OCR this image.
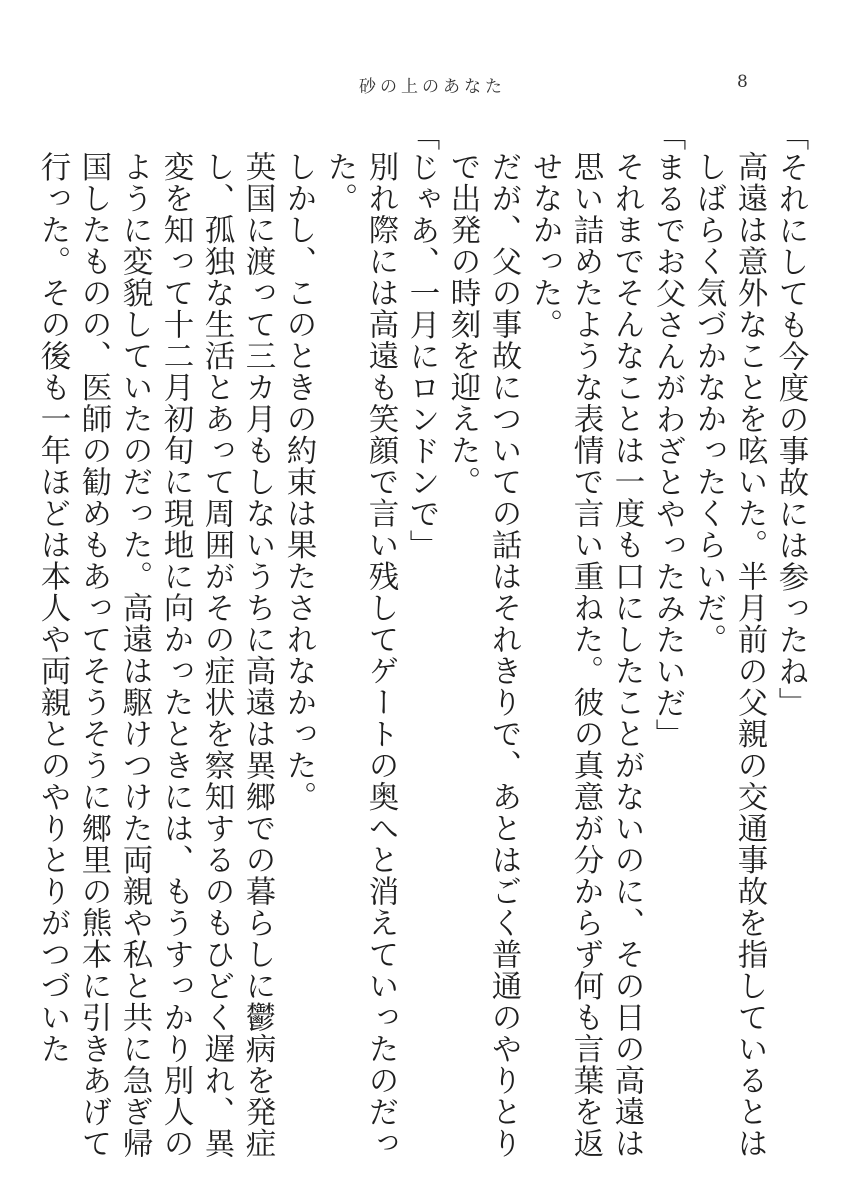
砂の上のあなた	8

「それにしても今度の事故には参ったね」

高遠は意外なことを呟いた。半月前の父親の交通事故を指しているとはしばらく気づかなかったくらいだ。

「まるでお父さんがわざとやったみたいだ」

それまでそんなことは一度も口にしたことがないのに、その日の高遠は思い詰めたような表情で言い重ねた。彼の真意が分からず何も言葉を返せなかった。

だが、父の事故についての話はそれきりで、あとはごく普通のやりとりで出発の時刻を迎えた。

「じゃあ、一月にロンドンで」

別れ際には高遠も笑顔で言い残してゲートの奥へと消えていったのだった。

しかし、このときの約束は果たされなかった。

英国に渡って三カ月もしないうちに高遠は異郷での暮らしに鬱病を発症し、孤独な生活とあって周囲がその症状を察知するのもひどく遅れ、異変を知って十二月初旬に現地に向かったときには、もうすっかり別人のように変貌していたのだった。高遠は駆けつけた両親や私と共に急ぎ帰国したものの、医師の勧めもあってそうそうに郷里の熊本に引きあげて行った。その後も一年ほどは本人や両親とのやりとりがつづいた
